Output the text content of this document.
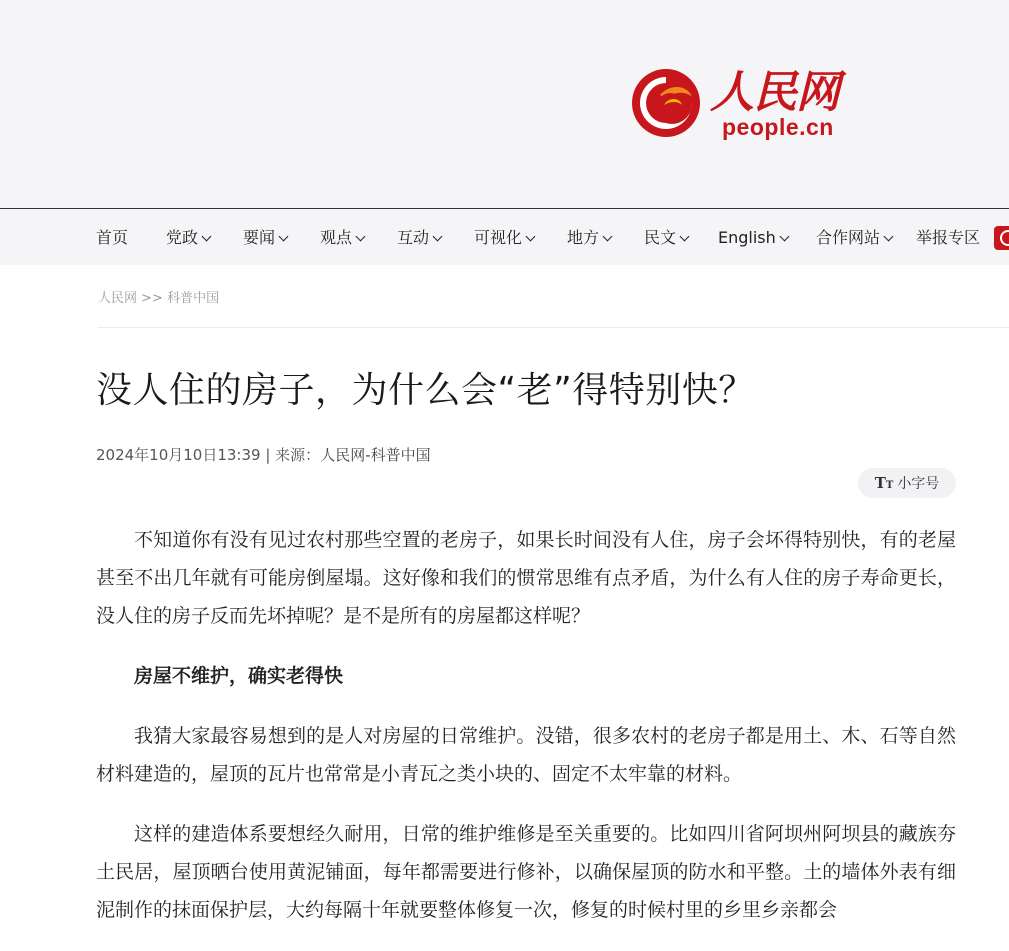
人民网
people.cn
首页 党政	要闻	观点	互动	可视化	地方	民文	English	合作网站	举报专区
人民网 >> 科普中国
没人住的房子，为什么会“老”得特别快？
2024年10月10日13:39 | 来源：人民网-科普中国
TT 小字号

不知道你有没有见过农村那些空置的老房子，如果长时间没有人住，房子会坏得特别快，有的老屋甚至不出几年就有可能房倒屋塌。这好像和我们的惯常思维有点矛盾，为什么有人住的房子寿命更长，没人住的房子反而先坏掉呢？是不是所有的房屋都这样呢？

房屋不维护，确实老得快

我猜大家最容易想到的是人对房屋的日常维护。没错，很多农村的老房子都是用土、木、石等自然材料建造的，屋顶的瓦片也常常是小青瓦之类小块的、固定不太牢靠的材料。

这样的建造体系要想经久耐用，日常的维护维修是至关重要的。比如四川省阿坝州阿坝县的藏族夯土民居，屋顶晒台使用黄泥铺面，每年都需要进行修补，以确保屋顶的防水和平整。土的墙体外表有细泥制作的抹面保护层，大约每隔十年就要整体修复一次，修复的时候村里的乡里乡亲都会
